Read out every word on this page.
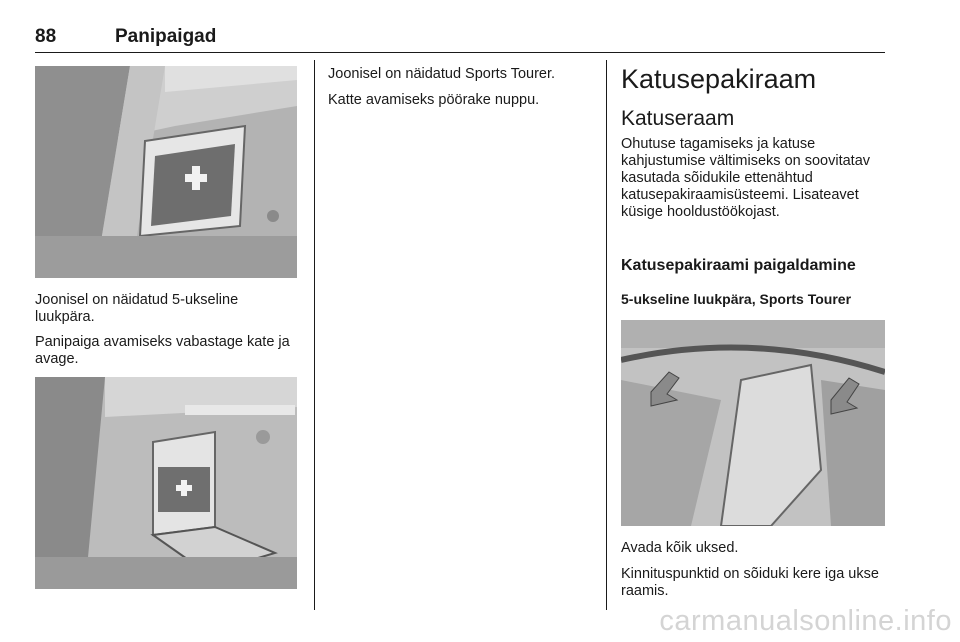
88	Panipaigad

Joonisel on näidatud 5-ukseline luukpära.

Panipaiga avamiseks vabastage kate ja avage.

Joonisel on näidatud Sports Tourer.

Katte avamiseks pöörake nuppu.

Katusepakiraam
Katuseraam

Ohutuse tagamiseks ja katuse kahjustumise vältimiseks on soovitatav kasutada sõidukile ettenähtud katusepakiraamisüsteemi. Lisateavet küsige hooldustöökojast.

Katusepakiraami paigaldamine
5-ukseline luukpära, Sports Tourer

Avada kõik uksed.

Kinnituspunktid on sõiduki kere iga ukse raamis.

carmanualsonline.info
